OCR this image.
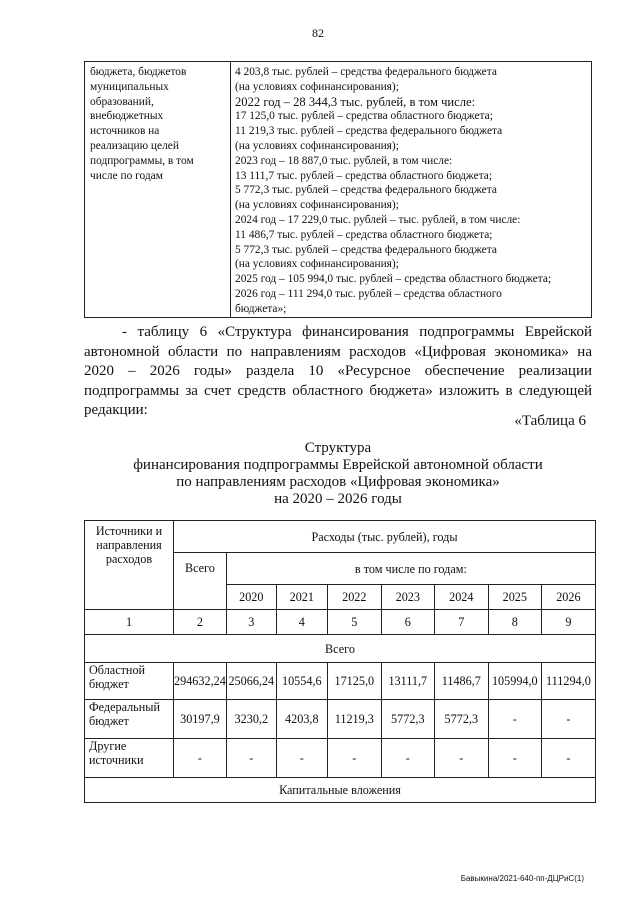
82
бюджета, бюджетов
муниципальных
образований,
внебюджетных
источников на
реализацию целей
подпрограммы, в том
числе по годам

4 203,8 тыс. рублей – средства федерального бюджета
(на условиях софинансирования);
2022 год – 28 344,3 тыс. рублей, в том числе:
17 125,0 тыс. рублей – средства областного бюджета;
11 219,3 тыс. рублей – средства федерального бюджета
(на условиях софинансирования);
2023 год – 18 887,0 тыс. рублей, в том числе:
13 111,7 тыс. рублей – средства областного бюджета;
5 772,3 тыс. рублей – средства федерального бюджета
(на условиях софинансирования);
2024 год – 17 229,0 тыс. рублей – тыс. рублей, в том числе:
11 486,7 тыс. рублей – средства областного бюджета;
5 772,3 тыс. рублей – средства федерального бюджета
(на условиях софинансирования);
2025 год – 105 994,0 тыс. рублей – средства областного бюджета;
2026 год – 111 294,0 тыс. рублей – средства областного
бюджета»;
- таблицу 6 «Структура финансирования подпрограммы Еврейской
автономной области по направлениям расходов «Цифровая экономика» на
2020 – 2026 годы» раздела 10 «Ресурсное обеспечение реализации
подпрограммы за счет средств областного бюджета» изложить в следующей
редакции:
«Таблица 6
Структура
финансирования подпрограммы Еврейской автономной области
по направлениям расходов «Цифровая экономика»
на 2020 – 2026 годы
Источники и направления расходов	Расходы (тыс. рублей), годы							
	Всего	в том числе по годам:						
		2020	2021	2022	2023	2024	2025	2026
1	2	3	4	5	6	7	8	9
Всего								
Областной бюджет	294632,24	25066,24	10554,6	17125,0	13111,7	11486,7	105994,0	111294,0
Федеральный бюджет	30197,9	3230,2	4203,8	11219,3	5772,3	5772,3	-	-
Другие источники	-	-	-	-	-	-	-	-
Капитальные вложения								
Бавыкина/2021-640-пп-ДЦРиС(1)
